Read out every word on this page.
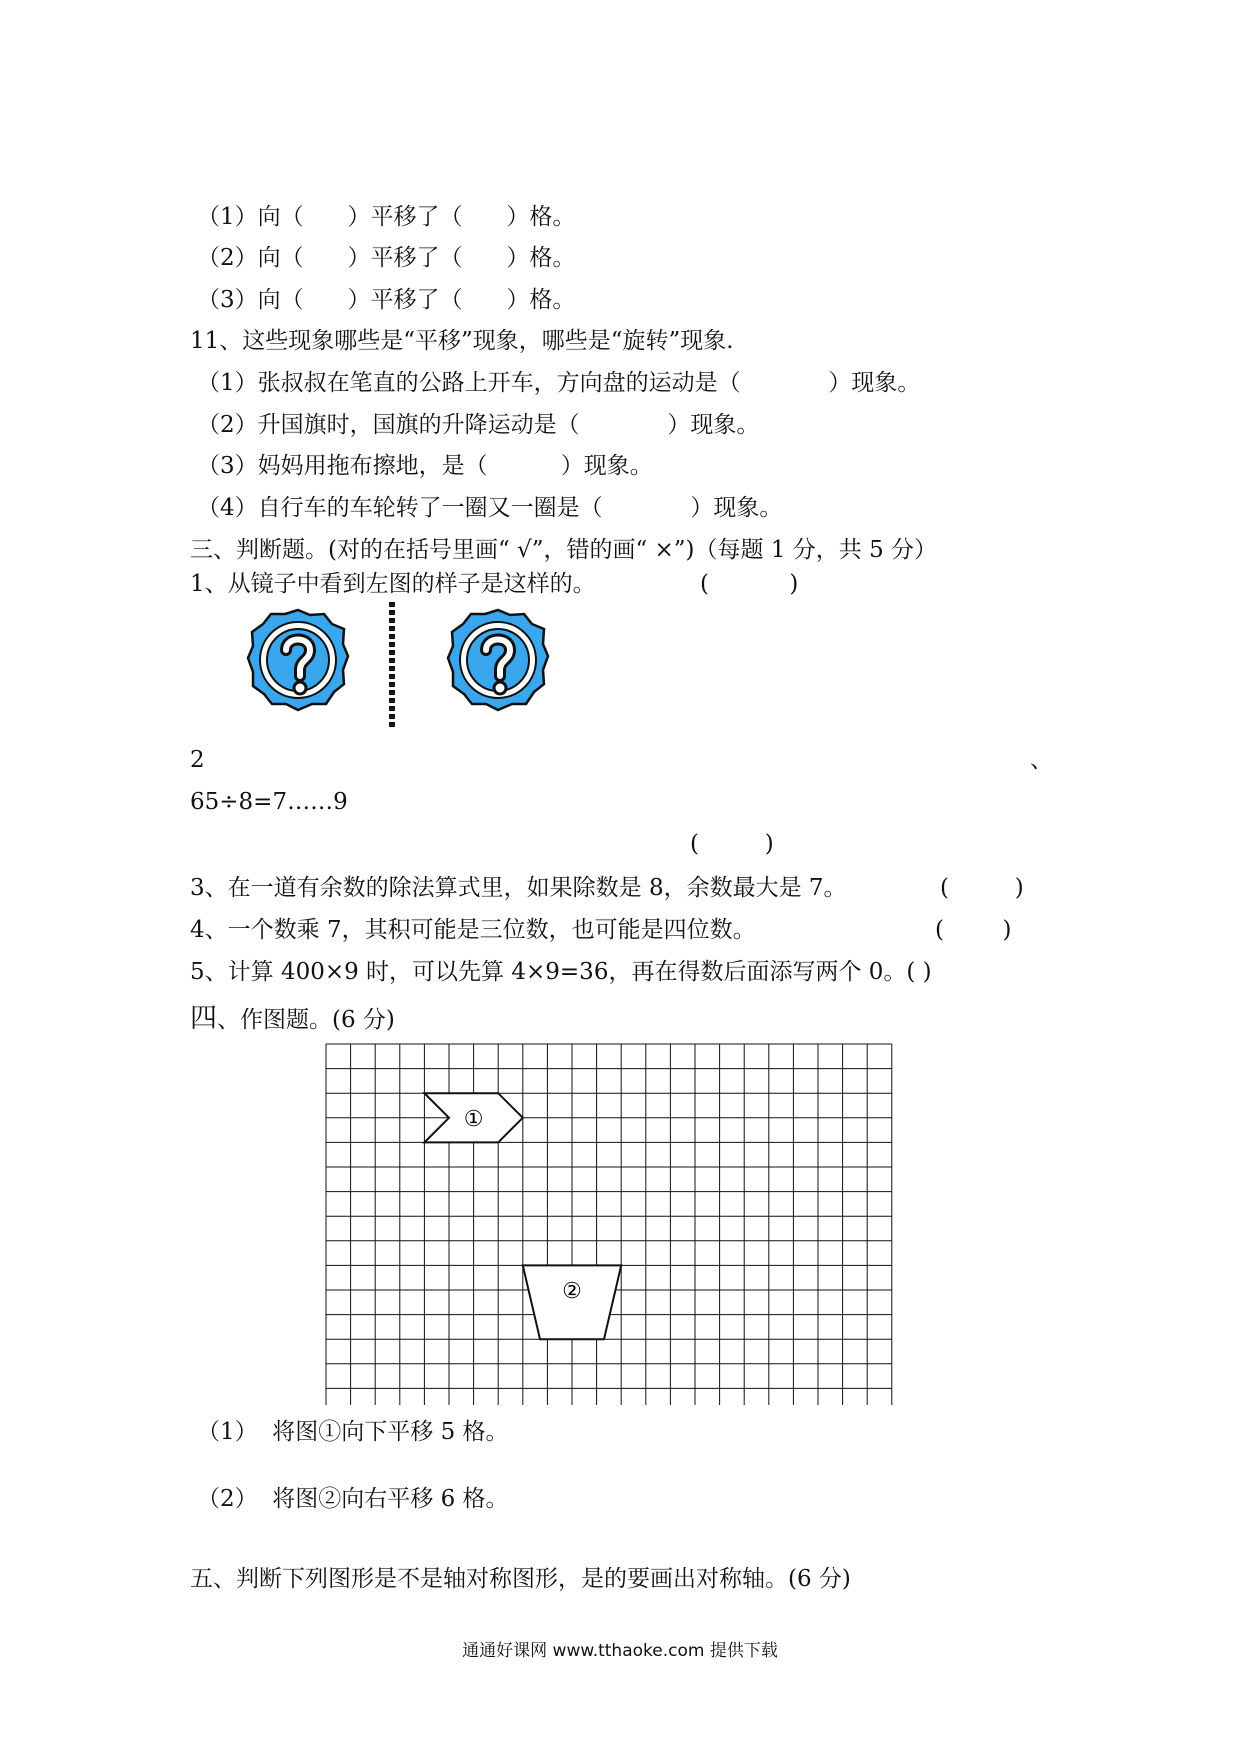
（1）向（      ）平移了（      ）格。
（2）向（      ）平移了（      ）格。
（3）向（      ）平移了（      ）格。
11、这些现象哪些是“平移”现象，哪些是“旋转”现象.
（1）张叔叔在笔直的公路上开车，方向盘的运动是（            ）现象。
（2）升国旗时，国旗的升降运动是（            ）现象。
（3）妈妈用拖布擦地，是（          ）现象。
（4）自行车的车轮转了一圈又一圈是（            ）现象。
三、判断题。(对的在括号里画“ √”，错的画“ ×”)（每题 1 分，共 5 分）
1、从镜子中看到左图的样子是这样的。	(           )
2	、
65÷8=7……9
(         )
3、在一道有余数的除法算式里，如果除数是 8，余数最大是 7。	(         )
4、一个数乘 7，其积可能是三位数，也可能是四位数。	(        )
5、计算 400×9 时，可以先算 4×9=36，再在得数后面添写两个 0。( )
四、作图题。(6 分)
①
②
（1）  将图①向下平移 5 格。
（2）  将图②向右平移 6 格。
五、判断下列图形是不是轴对称图形，是的要画出对称轴。(6 分)
通通好课网 www.tthaoke.com 提供下载
